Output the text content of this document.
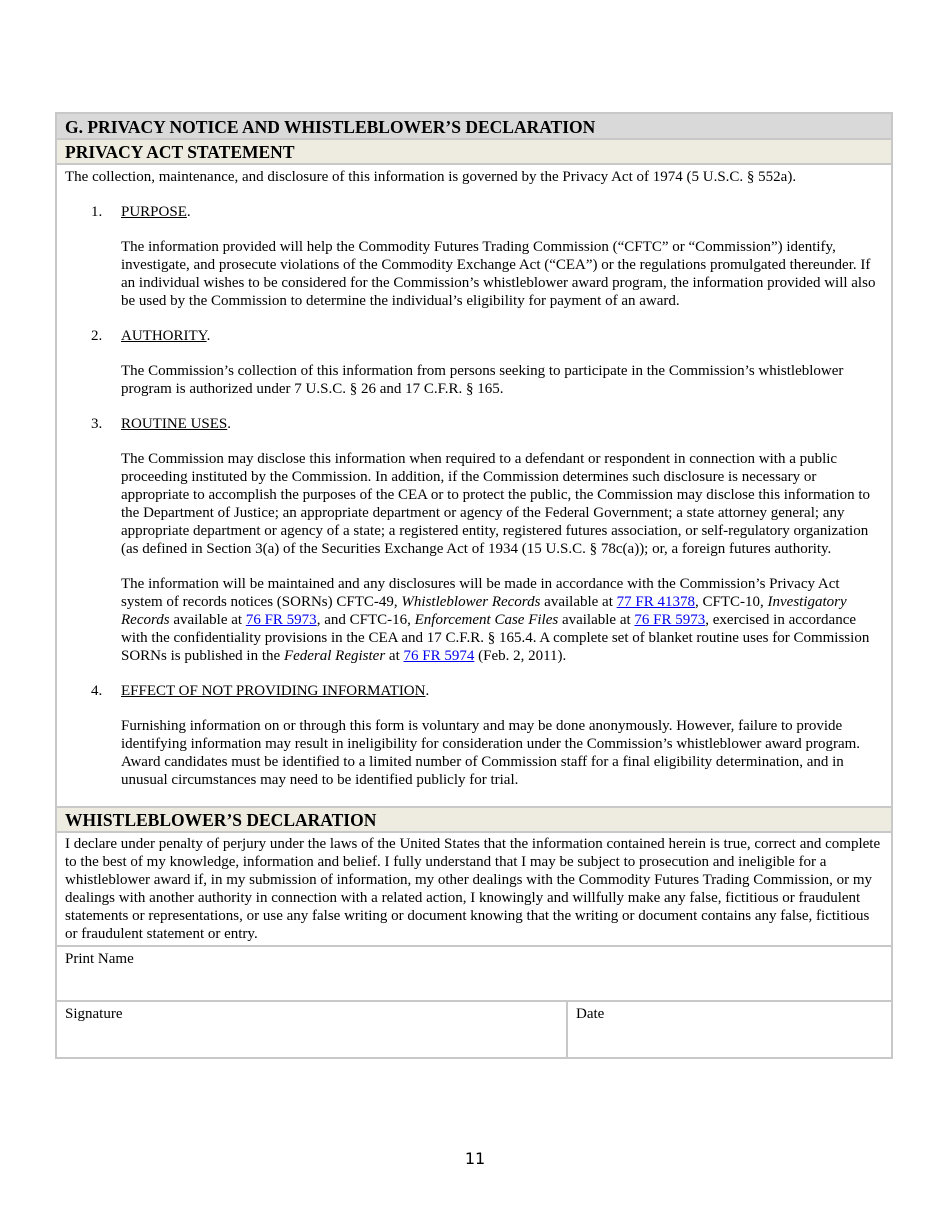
G. PRIVACY NOTICE AND WHISTLEBLOWER’S DECLARATION
PRIVACY ACT STATEMENT

The collection, maintenance, and disclosure of this information is governed by the Privacy Act of 1974 (5 U.S.C. § 552a).

1. PURPOSE.

The information provided will help the Commodity Futures Trading Commission (“CFTC” or “Commission”) identify, investigate, and prosecute violations of the Commodity Exchange Act (“CEA”) or the regulations promulgated thereunder. If an individual wishes to be considered for the Commission’s whistleblower award program, the information provided will also be used by the Commission to determine the individual’s eligibility for payment of an award.

2. AUTHORITY.

The Commission’s collection of this information from persons seeking to participate in the Commission’s whistleblower program is authorized under 7 U.S.C. § 26 and 17 C.F.R. § 165.

3. ROUTINE USES.

The Commission may disclose this information when required to a defendant or respondent in connection with a public proceeding instituted by the Commission. In addition, if the Commission determines such disclosure is necessary or appropriate to accomplish the purposes of the CEA or to protect the public, the Commission may disclose this information to the Department of Justice; an appropriate department or agency of the Federal Government; a state attorney general; any appropriate department or agency of a state; a registered entity, registered futures association, or self-regulatory organization (as defined in Section 3(a) of the Securities Exchange Act of 1934 (15 U.S.C. § 78c(a)); or, a foreign futures authority.

The information will be maintained and any disclosures will be made in accordance with the Commission’s Privacy Act system of records notices (SORNs) CFTC-49, Whistleblower Records available at 77 FR 41378, CFTC-10, Investigatory Records available at 76 FR 5973, and CFTC-16, Enforcement Case Files available at 76 FR 5973, exercised in accordance with the confidentiality provisions in the CEA and 17 C.F.R. § 165.4. A complete set of blanket routine uses for Commission SORNs is published in the Federal Register at 76 FR 5974 (Feb. 2, 2011).

4. EFFECT OF NOT PROVIDING INFORMATION.

Furnishing information on or through this form is voluntary and may be done anonymously. However, failure to provide identifying information may result in ineligibility for consideration under the Commission’s whistleblower award program. Award candidates must be identified to a limited number of Commission staff for a final eligibility determination, and in unusual circumstances may need to be identified publicly for trial.

WHISTLEBLOWER’S DECLARATION
I declare under penalty of perjury under the laws of the United States that the information contained herein is true, correct and complete to the best of my knowledge, information and belief. I fully understand that I may be subject to prosecution and ineligible for a whistleblower award if, in my submission of information, my other dealings with the Commodity Futures Trading Commission, or my dealings with another authority in connection with a related action, I knowingly and willfully make any false, fictitious or fraudulent statements or representations, or use any false writing or document knowing that the writing or document contains any false, fictitious or fraudulent statement or entry.
Print Name
Signature	Date
11
